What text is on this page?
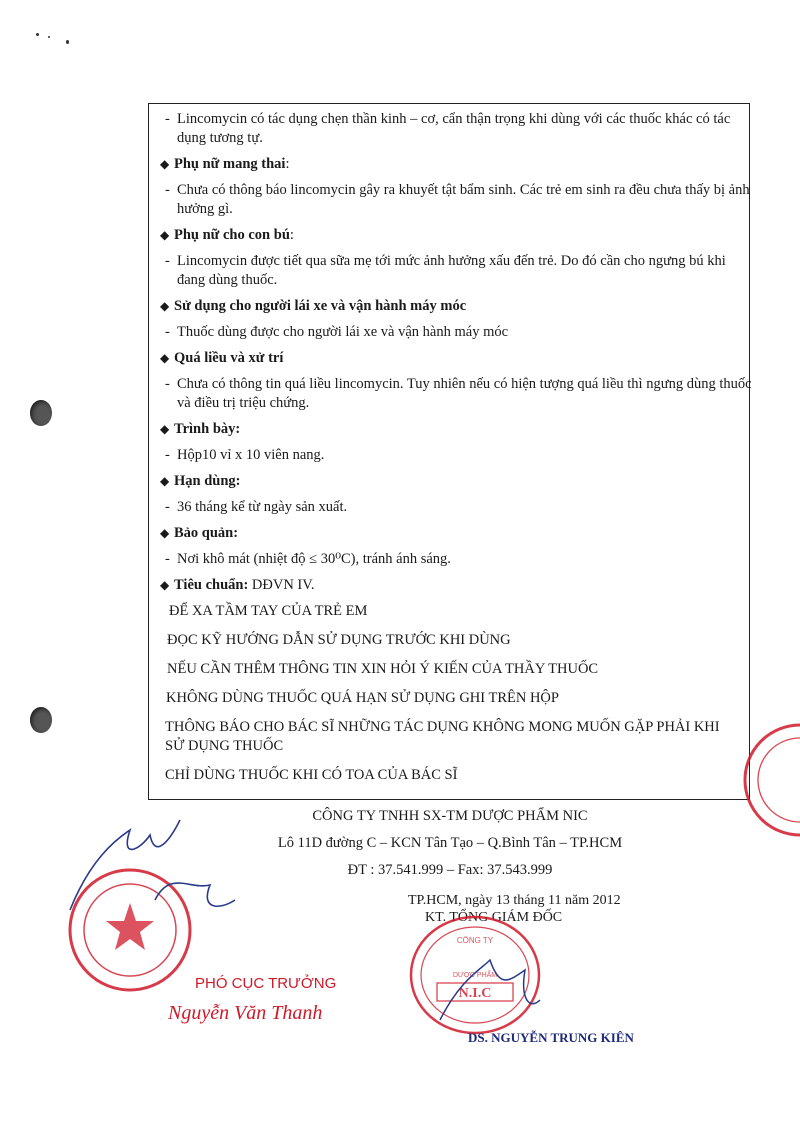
- Lincomycin có tác dụng chẹn thần kinh – cơ, cẩn thận trọng khi dùng với các thuốc khác có tác dụng tương tự.

◆ Phụ nữ mang thai:

- Chưa có thông báo lincomycin gây ra khuyết tật bẩm sinh. Các trẻ em sinh ra đều chưa thấy bị ảnh hưởng gì.

◆ Phụ nữ cho con bú:

- Lincomycin được tiết qua sữa mẹ tới mức ảnh hưởng xấu đến trẻ. Do đó cần cho ngưng bú khi đang dùng thuốc.

◆ Sử dụng cho người lái xe và vận hành máy móc

- Thuốc dùng được cho người lái xe và vận hành máy móc

◆ Quá liều và xử trí

- Chưa có thông tin quá liều lincomycin. Tuy nhiên nếu có hiện tượng quá liều thì ngưng dùng thuốc và điều trị triệu chứng.

◆ Trình bày:

- Hộp10 vỉ x 10 viên nang.

◆ Hạn dùng:

- 36 tháng kể từ ngày sản xuất.

◆ Bảo quản:

- Nơi khô mát (nhiệt độ ≤ 30⁰C), tránh ánh sáng.

◆ Tiêu chuẩn: DĐVN IV.

ĐỂ XA TẦM TAY CỦA TRẺ EM

ĐỌC KỸ HƯỚNG DẪN SỬ DỤNG TRƯỚC KHI DÙNG

NẾU CẦN THÊM THÔNG TIN XIN HỎI Ý KIẾN CỦA THẦY THUỐC

KHÔNG DÙNG THUỐC QUÁ HẠN SỬ DỤNG GHI TRÊN HỘP

THÔNG BÁO CHO BÁC SĨ NHỮNG TÁC DỤNG KHÔNG MONG MUỐN GẶP PHẢI KHI SỬ DỤNG THUỐC

CHỈ DÙNG THUỐC KHI CÓ TOA CỦA BÁC SĨ

CÔNG TY TNHH SX-TM DƯỢC PHẨM NIC
Lô 11D đường C – KCN Tân Tạo – Q.Bình Tân – TP.HCM
ĐT : 37.541.999 – Fax: 37.543.999
TP.HCM, ngày 13 tháng 11 năm 2012
KT. TỔNG GIÁM ĐỐC
N.I.C
CÔNG TY
DƯỢC PHẨM
DS. NGUYỄN TRUNG KIÊN
PHÓ CỤC TRƯỞNG
Nguyễn Văn Thanh
